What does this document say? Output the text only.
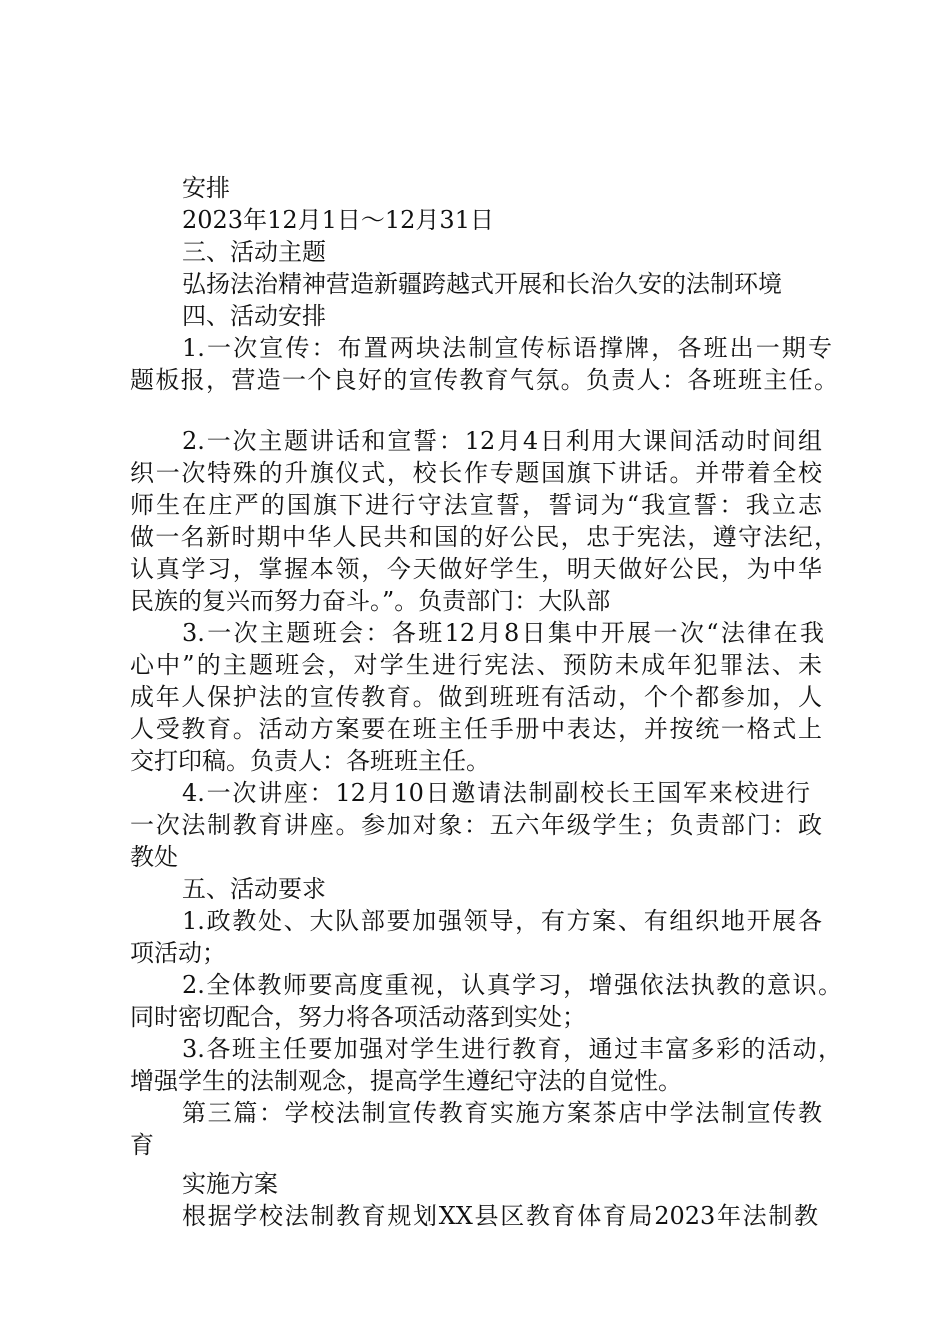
安排
2023年12月1日～12月31日
三、活动主题
弘扬法治精神营造新疆跨越式开展和长治久安的法制环境
四、活动安排
1.一次宣传：布置两块法制宣传标语撑牌，各班出一期专
题板报，营造一个良好的宣传教育气氛。负责人：各班班主任。
2.一次主题讲话和宣誓：12月4日利用大课间活动时间组
织一次特殊的升旗仪式，校长作专题国旗下讲话。并带着全校
师生在庄严的国旗下进行守法宣誓，誓词为“我宣誓：我立志
做一名新时期中华人民共和国的好公民，忠于宪法，遵守法纪，
认真学习，掌握本领，今天做好学生，明天做好公民，为中华
民族的复兴而努力奋斗。”。负责部门：大队部
3.一次主题班会：各班12月8日集中开展一次“法律在我
心中”的主题班会，对学生进行宪法、预防未成年犯罪法、未
成年人保护法的宣传教育。做到班班有活动，个个都参加，人
人受教育。活动方案要在班主任手册中表达，并按统一格式上
交打印稿。负责人：各班班主任。
4.一次讲座：12月10日邀请法制副校长王国军来校进行
一次法制教育讲座。参加对象：五六年级学生；负责部门：政
教处
五、活动要求
1.政教处、大队部要加强领导，有方案、有组织地开展各
项活动；
2.全体教师要高度重视，认真学习，增强依法执教的意识。
同时密切配合，努力将各项活动落到实处；
3.各班主任要加强对学生进行教育，通过丰富多彩的活动，
增强学生的法制观念，提高学生遵纪守法的自觉性。
第三篇：学校法制宣传教育实施方案茶店中学法制宣传教
育
实施方案
根据学校法制教育规划XX县区教育体育局2023年法制教
